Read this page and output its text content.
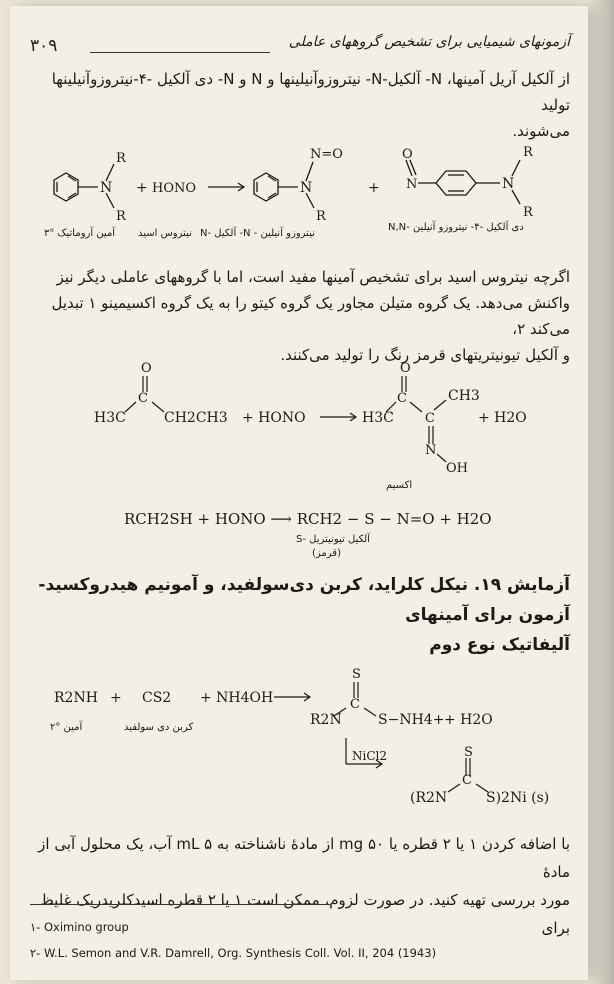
۳۰۹	آزمونهای شیمیایی برای تشخیص گروههای عاملی
از آلکیل آریل آمینها، N- آلکیل-N- نیتروزوآنیلینها و N و N- دی آلکیل -۴-نیتروزوآنیلینها تولید
می‌شوند.
N
R
R
+ HONO	N
N=O
R
+
O
N	N
R
R
آمین آروماتیک °۳ نیتروس اسید N- آلکیل -N - نیتروزو آنیلین
N,N- دی آلکیل -۴- نیتروزو آنیلین
اگرچه نیتروس اسید برای تشخیص آمینها مفید است، اما با گروههای عاملی دیگر نیز
واکنش می‌دهد. یک گروه متیلن مجاور یک گروه کیتو را به یک گروه اکسیمینو ۱ تبدیل می‌کند ۲،
و آلکیل تیونیتریتهای قرمز رنگ را تولید می‌کنند.
O
C
H3C	CH2CH3 + HONO	H3C
O
C
C
CH3
N
OH
+ H2O
اکسیم
RCH2SH + HONO ⟶ RCH2 − S − N=O + H2O
S- آلکیل تیونیتریل
(قرمز)
آزمایش ۱۹. نیکل کلراید، کربن دی‌سولفید، و آمونیم هیدروکسید-آزمون برای آمینهای
آلیفاتیک نوع دوم
R2NH + CS2 + NH4OH
S
C
R2N	S−NH4+ + H2O
NiCl2	S
C
(R2N	S)2Ni (s)
آمین °۲	کربن دی سولفید
با اضافه کردن ۱ یا ۲ قطره یا ۵۰ mg از مادهٔ ناشناخته به ۵ mL آب، یک محلول آبی از مادهٔ
مورد بررسی تهیه کنید. در صورت لزوم، ممکن است ۱ یا ۲ قطره اسیدکلریدریک غلیظ برای
۱- Oximino group
۲- W.L. Semon and V.R. Damrell, Org. Synthesis Coll. Vol. II, 204 (1943)
